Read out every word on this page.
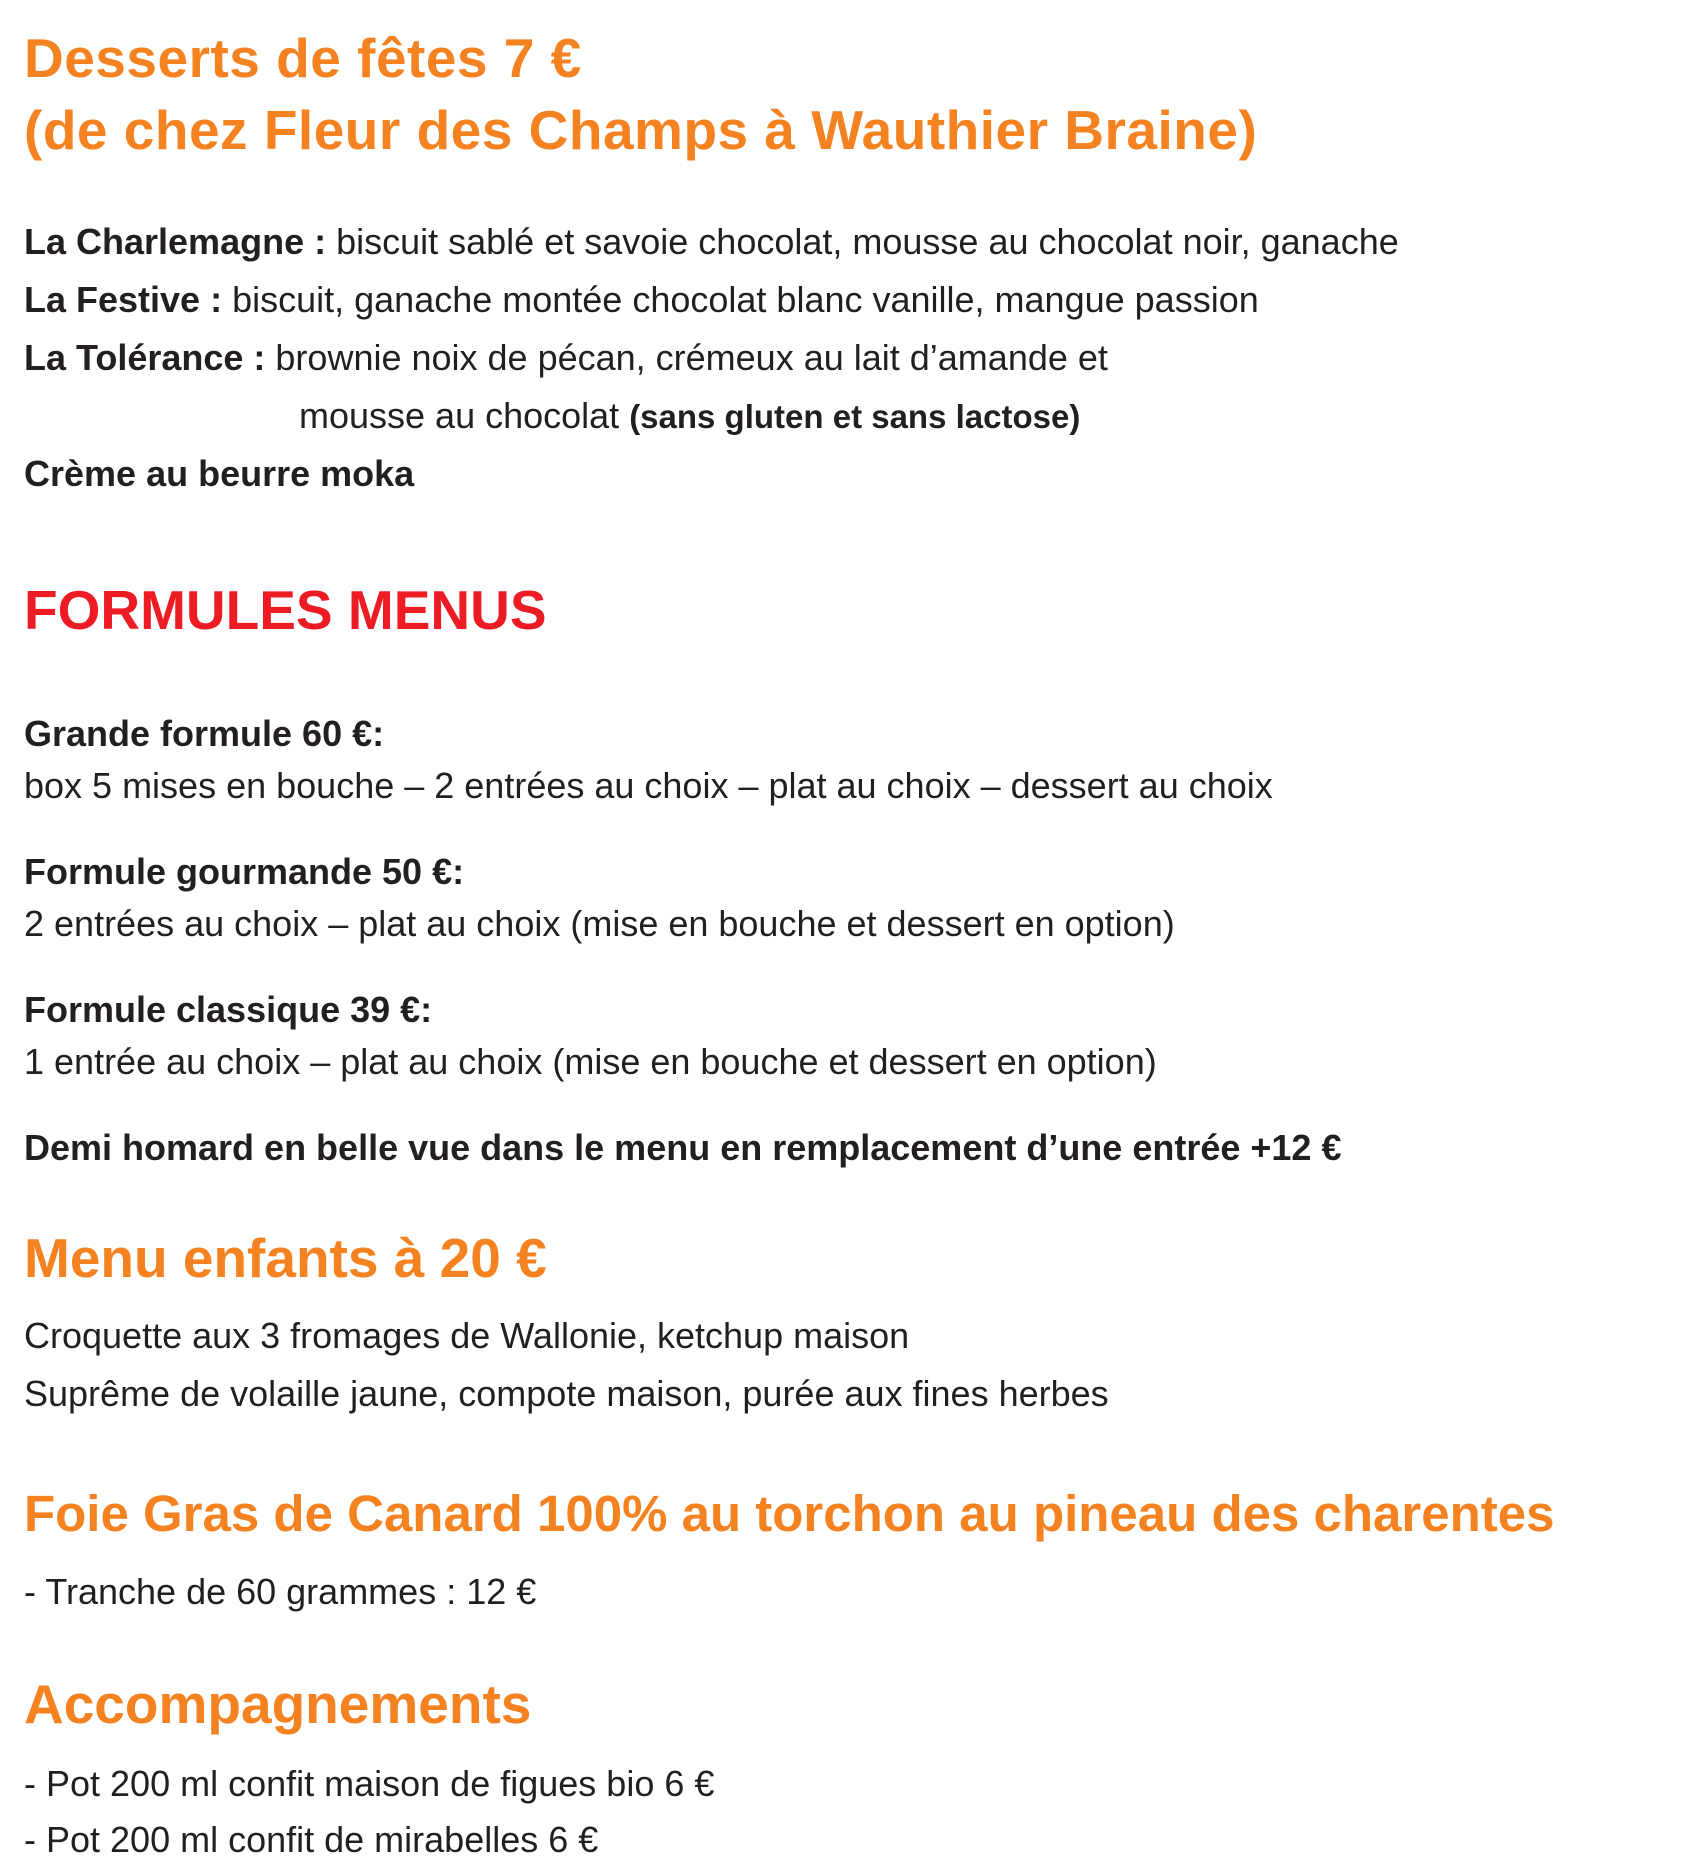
Desserts de fêtes 7 €
(de chez Fleur des Champs à Wauthier Braine)
La Charlemagne : biscuit sablé et savoie chocolat, mousse au chocolat noir, ganache
La Festive : biscuit, ganache montée chocolat blanc vanille, mangue passion
La Tolérance : brownie noix de pécan, crémeux au lait d’amande et
mousse au chocolat (sans gluten et sans lactose)
Crème au beurre moka
FORMULES MENUS
Grande formule 60 €:
box 5 mises en bouche – 2 entrées au choix – plat au choix – dessert au choix
Formule gourmande 50 €:
2 entrées au choix – plat au choix (mise en bouche et dessert en option)
Formule classique 39 €:
1 entrée au choix – plat au choix (mise en bouche et dessert en option)
Demi homard en belle vue dans le menu en remplacement d’une entrée +12 €
Menu enfants à 20 €
Croquette aux 3 fromages de Wallonie, ketchup maison
Suprême de volaille jaune, compote maison, purée aux fines herbes
Foie Gras de Canard 100% au torchon au pineau des charentes
- Tranche de 60 grammes : 12 €
Accompagnements
- Pot 200 ml confit maison de figues bio 6 €
- Pot 200 ml confit de mirabelles 6 €
